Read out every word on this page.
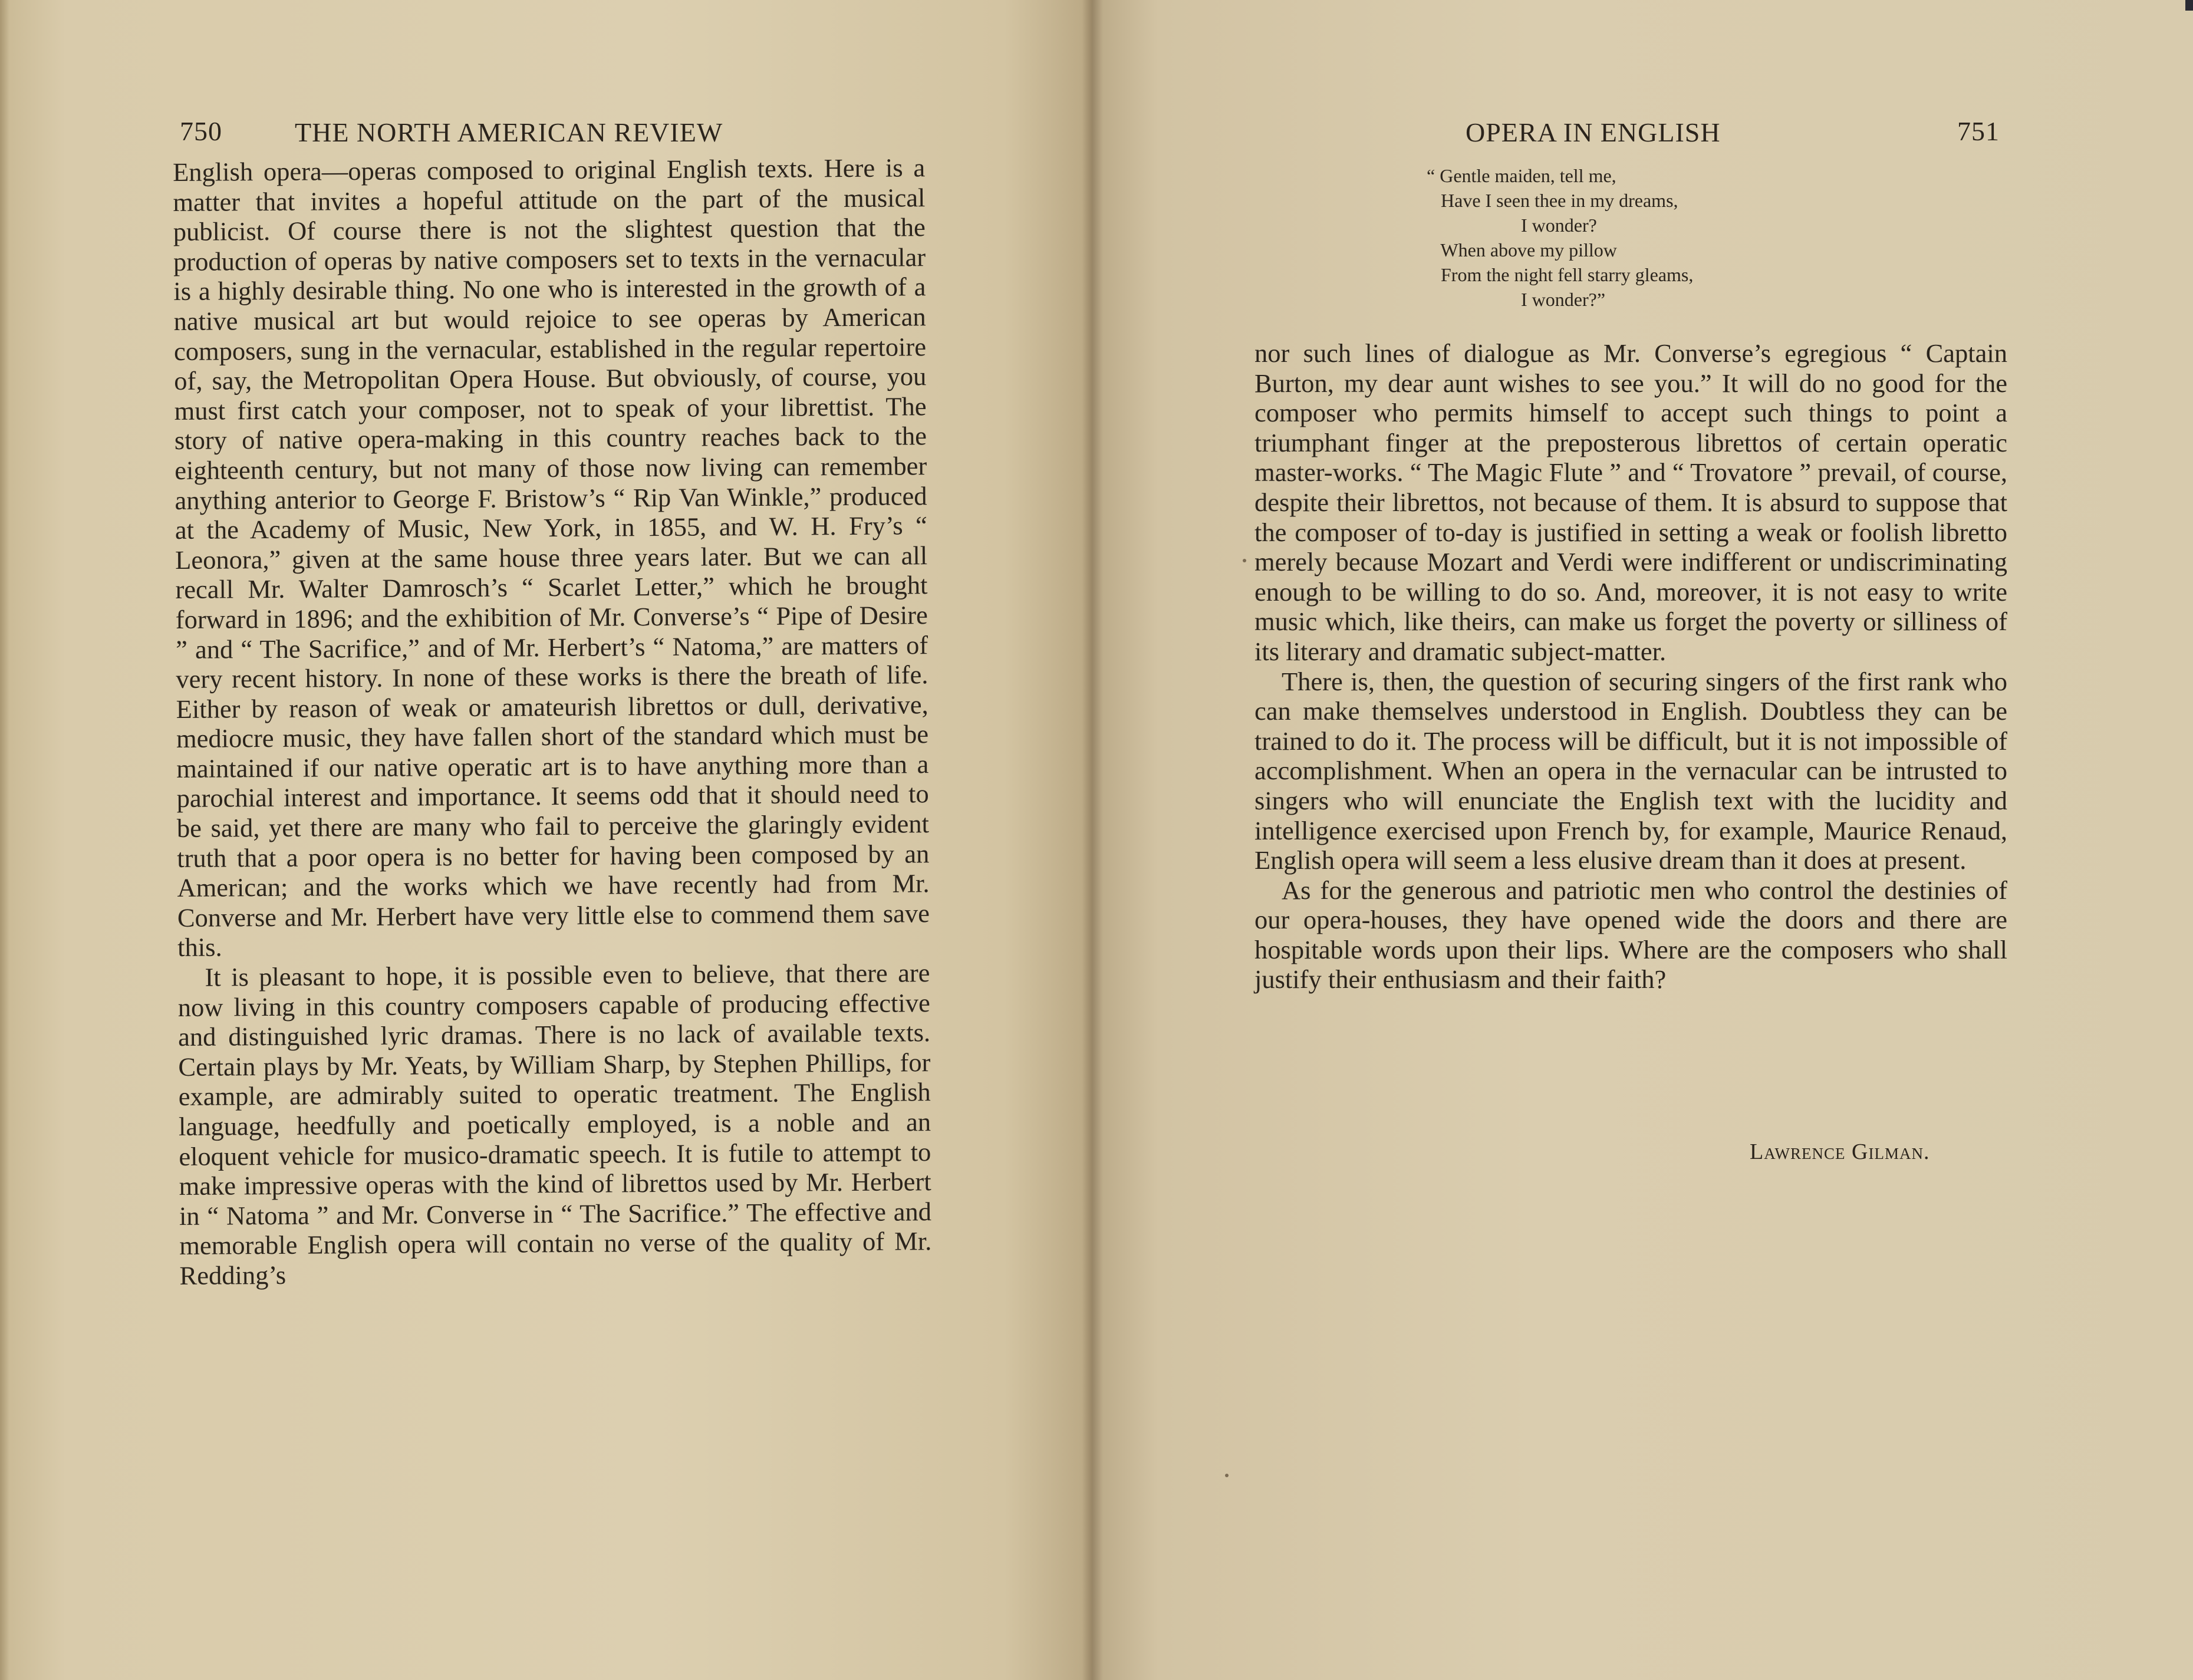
750	THE NORTH AMERICAN REVIEW

English opera—operas composed to original English texts. Here is a matter that invites a hopeful attitude on the part of the musical publicist. Of course there is not the slightest question that the production of operas by native composers set to texts in the vernacular is a highly desirable thing. No one who is interested in the growth of a native musical art but would rejoice to see operas by American composers, sung in the vernacular, established in the regular repertoire of, say, the Metropolitan Opera House. But obviously, of course, you must first catch your composer, not to speak of your librettist. The story of native opera-making in this country reaches back to the eighteenth century, but not many of those now living can remember anything anterior to George F. Bristow’s “ Rip Van Winkle,” produced at the Academy of Music, New York, in 1855, and W. H. Fry’s “ Leonora,” given at the same house three years later. But we can all recall Mr. Walter Damrosch’s “ Scarlet Letter,” which he brought forward in 1896; and the exhibition of Mr. Converse’s “ Pipe of Desire ” and “ The Sacrifice,” and of Mr. Herbert’s “ Natoma,” are matters of very recent history. In none of these works is there the breath of life. Either by reason of weak or amateurish librettos or dull, derivative, mediocre music, they have fallen short of the standard which must be maintained if our native operatic art is to have anything more than a parochial interest and importance. It seems odd that it should need to be said, yet there are many who fail to perceive the glaringly evident truth that a poor opera is no better for having been composed by an American; and the works which we have recently had from Mr. Converse and Mr. Herbert have very little else to commend them save this.

It is pleasant to hope, it is possible even to believe, that there are now living in this country composers capable of producing effective and distinguished lyric dramas. There is no lack of available texts. Certain plays by Mr. Yeats, by William Sharp, by Stephen Phillips, for example, are admirably suited to operatic treatment. The English language, heedfully and poetically employed, is a noble and an eloquent vehicle for musico-dramatic speech. It is futile to attempt to make impressive operas with the kind of librettos used by Mr. Herbert in “ Natoma ” and Mr. Converse in “ The Sacrifice.” The effective and memorable English opera will contain no verse of the quality of Mr. Redding’s

OPERA IN ENGLISH	751
“ Gentle maiden, tell me,
Have I seen thee in my dreams,
I wonder?
When above my pillow
From the night fell starry gleams,
I wonder?”

nor such lines of dialogue as Mr. Converse’s egregious “ Captain Burton, my dear aunt wishes to see you.” It will do no good for the composer who permits himself to accept such things to point a triumphant finger at the preposterous librettos of certain operatic master-works. “ The Magic Flute ” and “ Trovatore ” prevail, of course, despite their librettos, not because of them. It is absurd to suppose that the composer of to-day is justified in setting a weak or foolish libretto merely because Mozart and Verdi were indifferent or undiscriminating enough to be willing to do so. And, moreover, it is not easy to write music which, like theirs, can make us forget the poverty or silliness of its literary and dramatic subject-matter.

There is, then, the question of securing singers of the first rank who can make themselves understood in English. Doubtless they can be trained to do it. The process will be difficult, but it is not impossible of accomplishment. When an opera in the vernacular can be intrusted to singers who will enunciate the English text with the lucidity and intelligence exercised upon French by, for example, Maurice Renaud, English opera will seem a less elusive dream than it does at present.

As for the generous and patriotic men who control the destinies of our opera-houses, they have opened wide the doors and there are hospitable words upon their lips. Where are the composers who shall justify their enthusiasm and their faith?

Lawrence Gilman.
